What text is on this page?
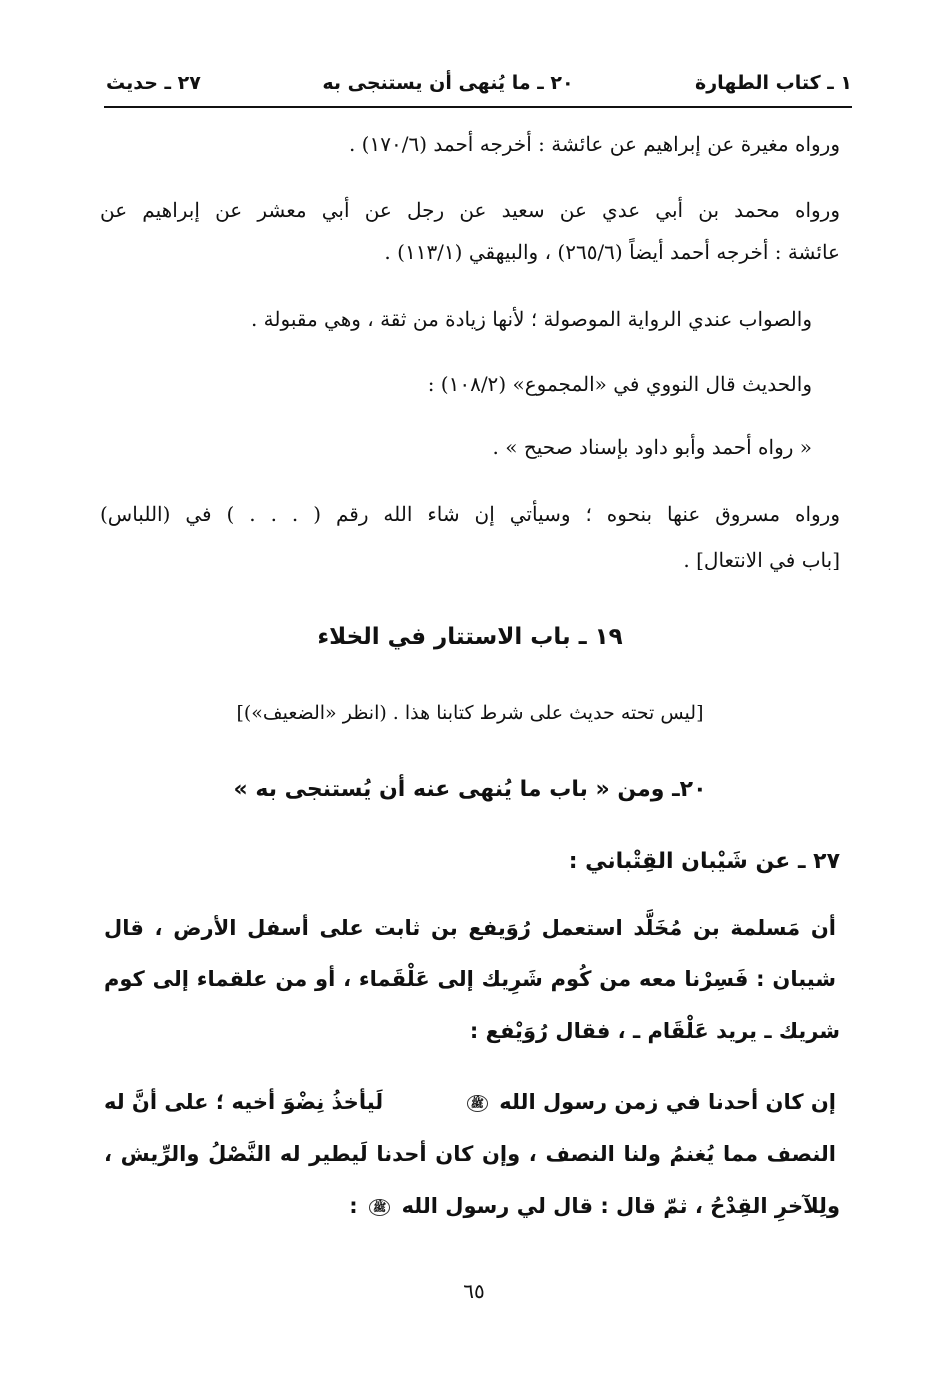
١ ـ كتاب الطهارة
٢٠ ـ ما يُنهى أن يستنجى به
٢٧ ـ حديث
ورواه مغيرة عن إبراهيم عن عائشة : أخرجه أحمد (١٧٠/٦) .
ورواه محمد بن أبي عدي عن سعيد عن رجل عن أبي معشر عن إبراهيم عن
عائشة : أخرجه أحمد أيضاً (٢٦٥/٦) ، والبيهقي (١١٣/١) .
والصواب عندي الرواية الموصولة ؛ لأنها زيادة من ثقة ، وهي مقبولة .
والحديث قال النووي في «المجموع» (١٠٨/٢) :
« رواه أحمد وأبو داود بإسناد صحيح » .
ورواه مسروق عنها بنحوه ؛ وسيأتي إن شاء الله رقم ( . . . ) في (اللباس)
[باب في الانتعال] .
١٩ ـ باب الاستتار في الخلاء
[ليس تحته حديث على شرط كتابنا هذا . (انظر «الضعيف»)]
٢٠ـ ومن « باب ما يُنهى عنه أن يُستنجى به »
٢٧ ـ عن شَيْبان القِتْباني :
أن مَسلمة بن مُخَلَّد استعمل رُوَيفع بن ثابت على أسفل الأرض ، قال
شيبان : فَسِرْنا معه من كُوم شَرِيك إلى عَلْقَماء ، أو من علقماء إلى كوم
شريك ـ يريد عَلْقَام ـ ، فقال رُوَيْفع :
إن كان أحدنا في زمن رسول الله ﷺ
لَيأخذُ نِضْوَ أخيه ؛ على أنَّ له
النصف مما يُغنمُ ولنا النصف ، وإن كان أحدنا لَيطير له النَّصْلُ والرِّيش ،
ولِلآخرِ القِدْحُ ، ثمّ قال : قال لي رسول الله ﷺ :
٦٥
